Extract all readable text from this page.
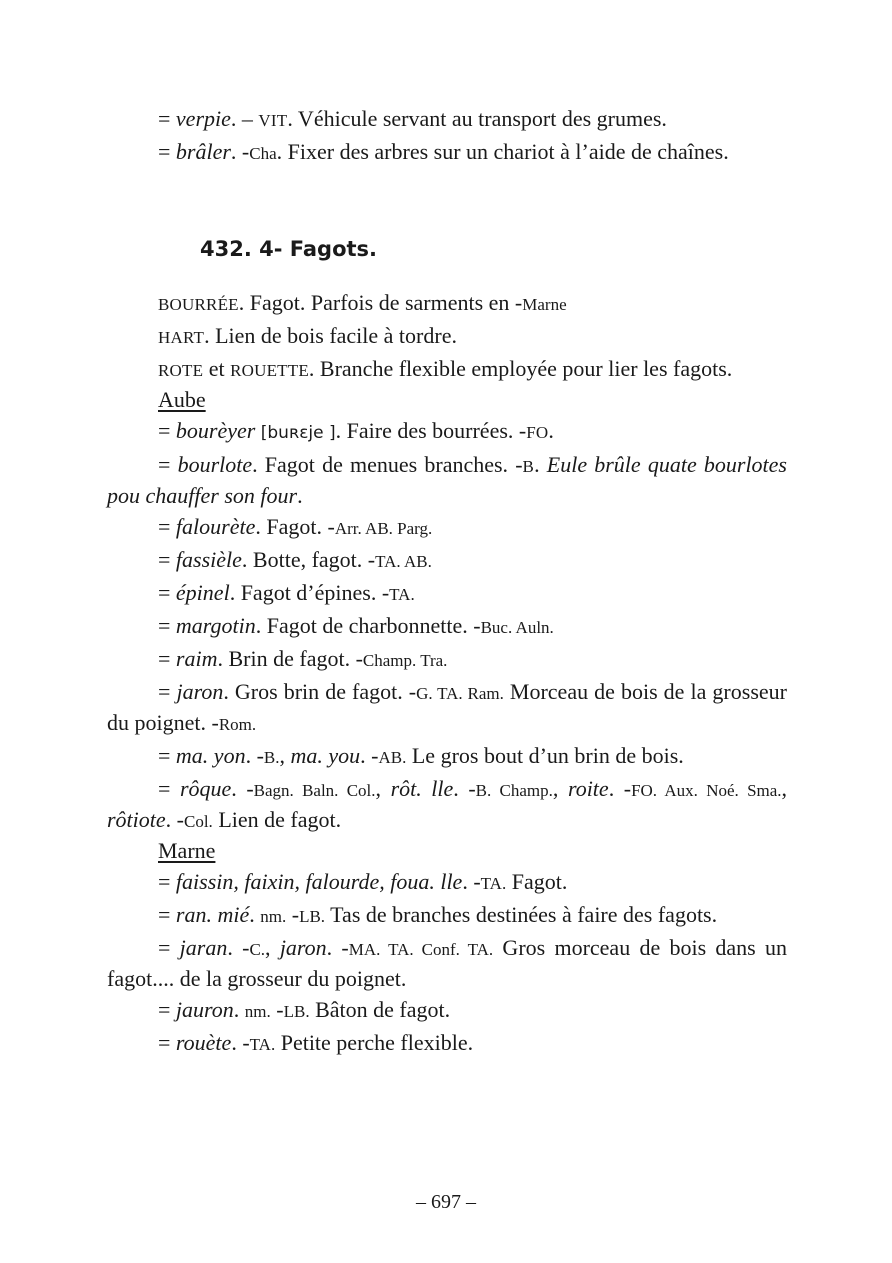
= verpie. – VIT. Véhicule servant au transport des grumes.

= brâler. -Cha. Fixer des arbres sur un chariot à l’aide de chaînes.

432. 4- Fagots.

BOURRÉE. Fagot. Parfois de sarments en -Marne

HART. Lien de bois facile à tordre.

ROTE et ROUETTE. Branche flexible employée pour lier les fagots.

Aube

= bourèyer [buʀɛje ]. Faire des bourrées. -FO.

= bourlote. Fagot de menues branches. -B. Eule brûle quate bourlotes pou chauffer son four.

= falourète. Fagot. -Arr. AB. Parg.

= fassièle. Botte, fagot. -TA. AB.

= épinel. Fagot d’épines. -TA.

= margotin. Fagot de charbonnette. -Buc. Auln.

= raim. Brin de fagot. -Champ. Tra.

= jaron. Gros brin de fagot. -G. TA. Ram. Morceau de bois de la grosseur du poignet. -Rom.

= ma. yon. -B., ma. you. -AB. Le gros bout d’un brin de bois.

= rôque. -Bagn. Baln. Col., rôt. lle. -B. Champ., roite. -FO. Aux. Noé. Sma., rôtiote. -Col. Lien de fagot.

Marne

= faissin, faixin, falourde, foua. lle. -TA. Fagot.

= ran. mié. nm. -LB. Tas de branches destinées à faire des fagots.

= jaran. -C., jaron. -MA. TA. Conf. TA. Gros morceau de bois dans un fagot.... de la grosseur du poignet.

= jauron. nm. -LB. Bâton de fagot.

= rouète. -TA. Petite perche flexible.

– 697 –
